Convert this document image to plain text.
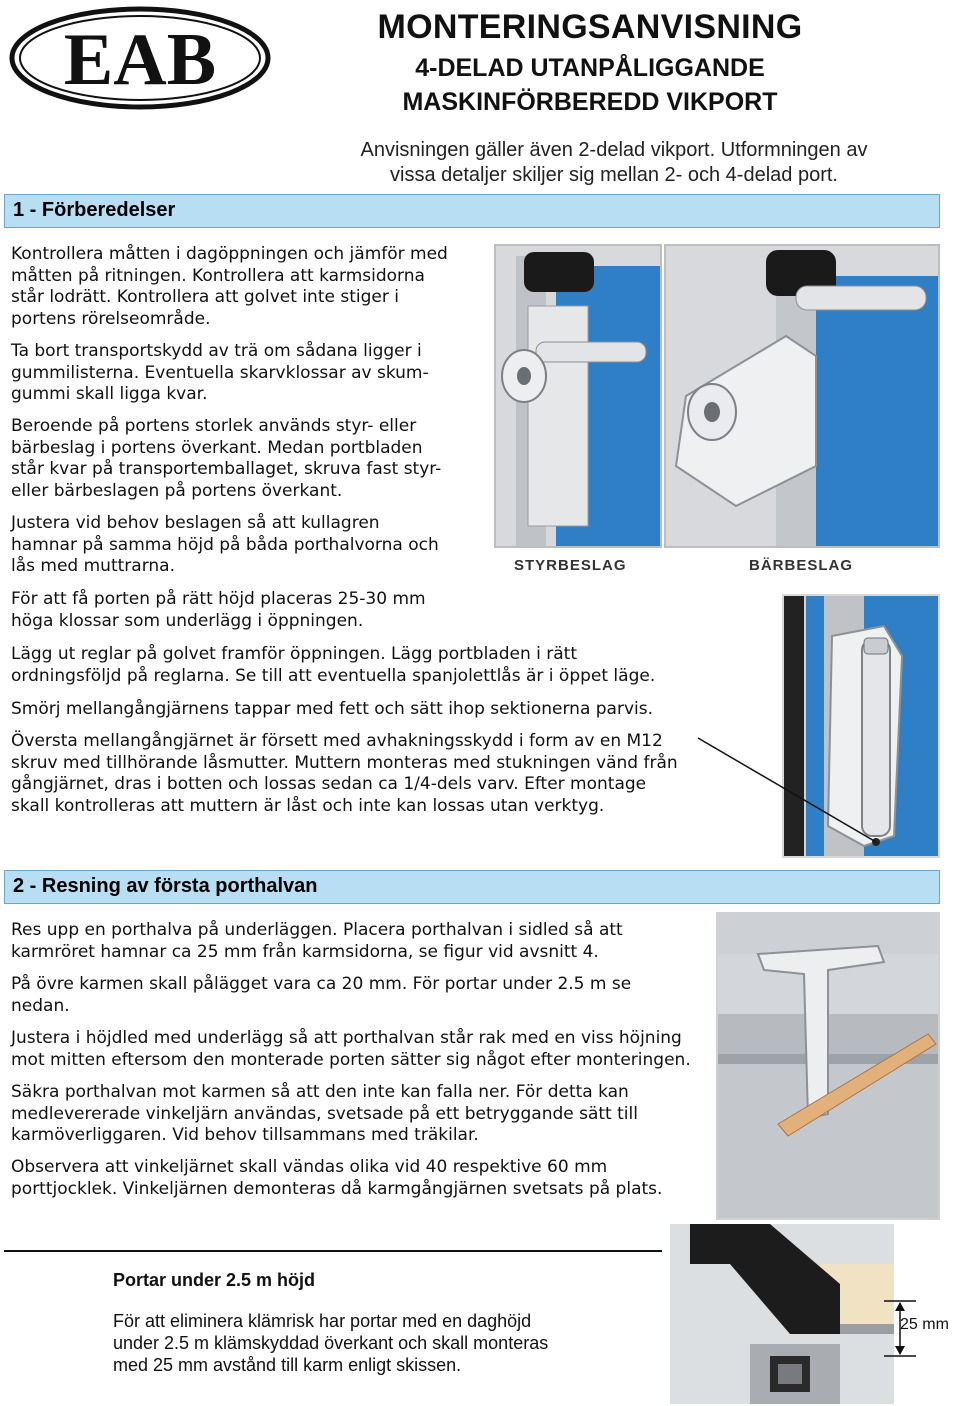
EAB	MONTERINGSANVISNING
4-DELAD UTANPÅLIGGANDE
MASKINFÖRBEREDD VIKPORT
Anvisningen gäller även 2-delad vikport. Utformningen av
vissa detaljer skiljer sig mellan 2- och 4-delad port.
1 - Förberedelser
Kontrollera måtten i dagöppningen och jämför med
måtten på ritningen. Kontrollera att karmsidorna
står lodrätt. Kontrollera att golvet inte stiger i
portens rörelseområde.
Ta bort transportskydd av trä om sådana ligger i
gummilisterna. Eventuella skarvklossar av skum-
gummi skall ligga kvar.
Beroende på portens storlek används styr- eller
bärbeslag i portens överkant. Medan portbladen
står kvar på transportemballaget, skruva fast styr-
eller bärbeslagen på portens överkant.
Justera vid behov beslagen så att kullagren
hamnar på samma höjd på båda porthalvorna och
lås med muttrarna.
För att få porten på rätt höjd placeras 25-30 mm
höga klossar som underlägg i öppningen.
Lägg ut reglar på golvet framför öppningen. Lägg portbladen i rätt
ordningsföljd på reglarna. Se till att eventuella spanjolettlås är i öppet läge.
Smörj mellangångjärnens tappar med fett och sätt ihop sektionerna parvis.
Översta mellangångjärnet är försett med avhakningsskydd i form av en M12
skruv med tillhörande låsmutter. Muttern monteras med stukningen vänd från
gångjärnet, dras i botten och lossas sedan ca 1/4-dels varv. Efter montage
skall kontrolleras att muttern är låst och inte kan lossas utan verktyg.
STYRBESLAG	BÄRBESLAG
2 - Resning av första porthalvan
Res upp en porthalva på underläggen. Placera porthalvan i sidled så att
karmröret hamnar ca 25 mm från karmsidorna, se figur vid avsnitt 4.
På övre karmen skall pålägget vara ca 20 mm. För portar under 2.5 m se
nedan.
Justera i höjdled med underlägg så att porthalvan står rak med en viss höjning
mot mitten eftersom den monterade porten sätter sig något efter monteringen.
Säkra porthalvan mot karmen så att den inte kan falla ner. För detta kan
medlevererade vinkeljärn användas, svetsade på ett betryggande sätt till
karmöverliggaren. Vid behov tillsammans med träkilar.
Observera att vinkeljärnet skall vändas olika vid 40 respektive 60 mm
porttjocklek. Vinkeljärnen demonteras då karmgångjärnen svetsats på plats.
Portar under 2.5 m höjd
För att eliminera klämrisk har portar med en daghöjd
under 2.5 m klämskyddad överkant och skall monteras
med 25 mm avstånd till karm enligt skissen.
25 mm
